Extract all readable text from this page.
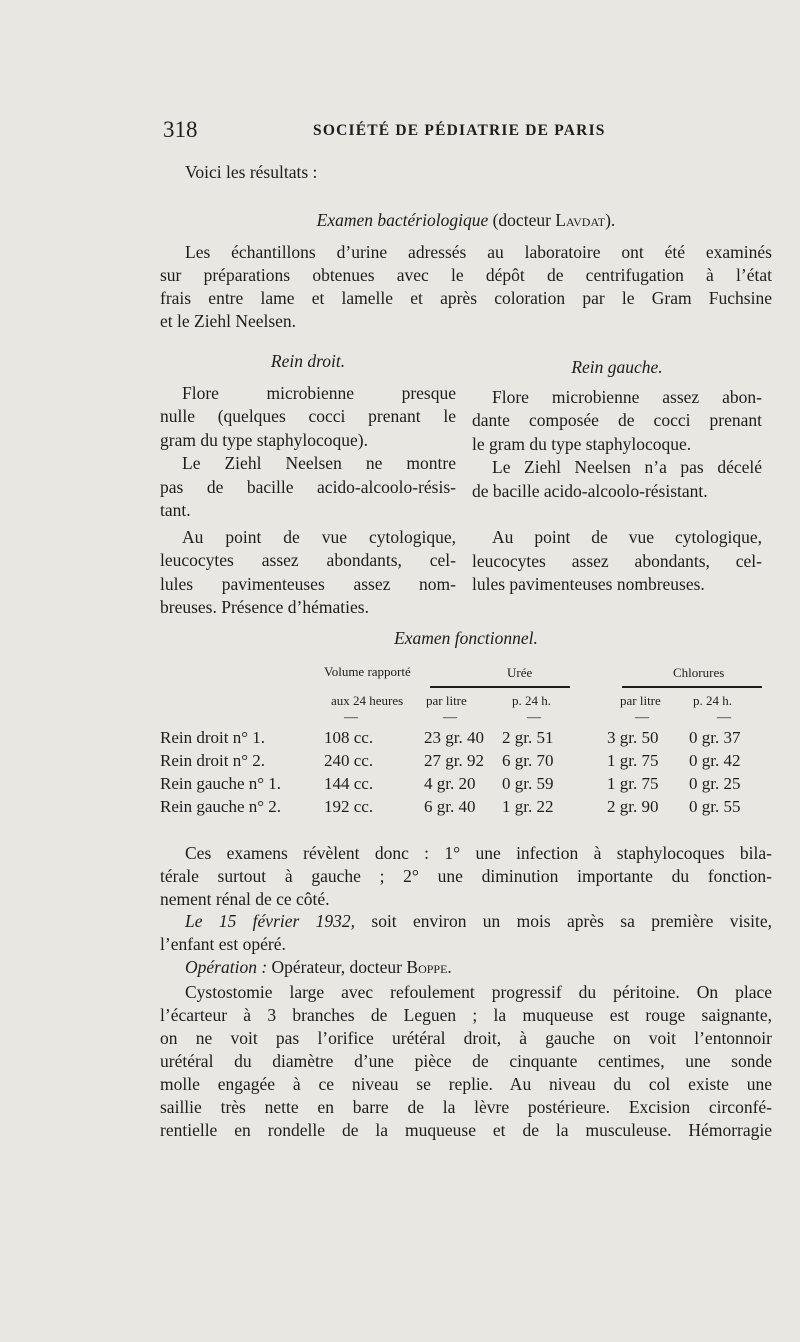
318	SOCIÉTÉ DE PÉDIATRIE DE PARIS
Voici les résultats :
Examen bactériologique (docteur Lavdat).
Les échantillons d’urine adressés au laboratoire ont été examinés
sur préparations obtenues avec le dépôt de centrifugation à l’état
frais entre lame et lamelle et après coloration par le Gram Fuchsine
et le Ziehl Neelsen.
Rein droit.
Flore microbienne presque
nulle (quelques cocci prenant le
gram du type staphylocoque).
Le Ziehl Neelsen ne montre
pas de bacille acido-alcoolo-résis-
tant.
Au point de vue cytologique,
leucocytes assez abondants, cel-
lules pavimenteuses assez nom-
breuses. Présence d’hématies.
Rein gauche.
Flore microbienne assez abon-
dante composée de cocci prenant
le gram du type staphylocoque.
Le Ziehl Neelsen n’a pas décelé
de bacille acido-alcoolo-résistant.
Au point de vue cytologique,
leucocytes assez abondants, cel-
lules pavimenteuses nombreuses.
Examen fonctionnel.
Volume rapporté
aux 24 heures
Urée
par litre	p. 24 h.
Chlorures
par litre p. 24 h.
—	—	—	—	—
Rein droit n° 1.	108 cc.	23 gr. 40 2 gr. 51	3 gr. 50 0 gr. 37
Rein droit n° 2.	240 cc.	27 gr. 92 6 gr. 70	1 gr. 75 0 gr. 42
Rein gauche n° 1.	144 cc.	4 gr. 20 0 gr. 59	1 gr. 75 0 gr. 25
Rein gauche n° 2.	192 cc.	6 gr. 40 1 gr. 22	2 gr. 90 0 gr. 55
Ces examens révèlent donc : 1° une infection à staphylocoques bila-
térale surtout à gauche ; 2° une diminution importante du fonction-
nement rénal de ce côté.
Le 15 février 1932, soit environ un mois après sa première visite,
l’enfant est opéré.
Opération : Opérateur, docteur Boppe.
Cystostomie large avec refoulement progressif du péritoine. On place
l’écarteur à 3 branches de Leguen ; la muqueuse est rouge saignante,
on ne voit pas l’orifice urétéral droit, à gauche on voit l’entonnoir
urétéral du diamètre d’une pièce de cinquante centimes, une sonde
molle engagée à ce niveau se replie. Au niveau du col existe une
saillie très nette en barre de la lèvre postérieure. Excision circonfé-
rentielle en rondelle de la muqueuse et de la musculeuse. Hémorragie
